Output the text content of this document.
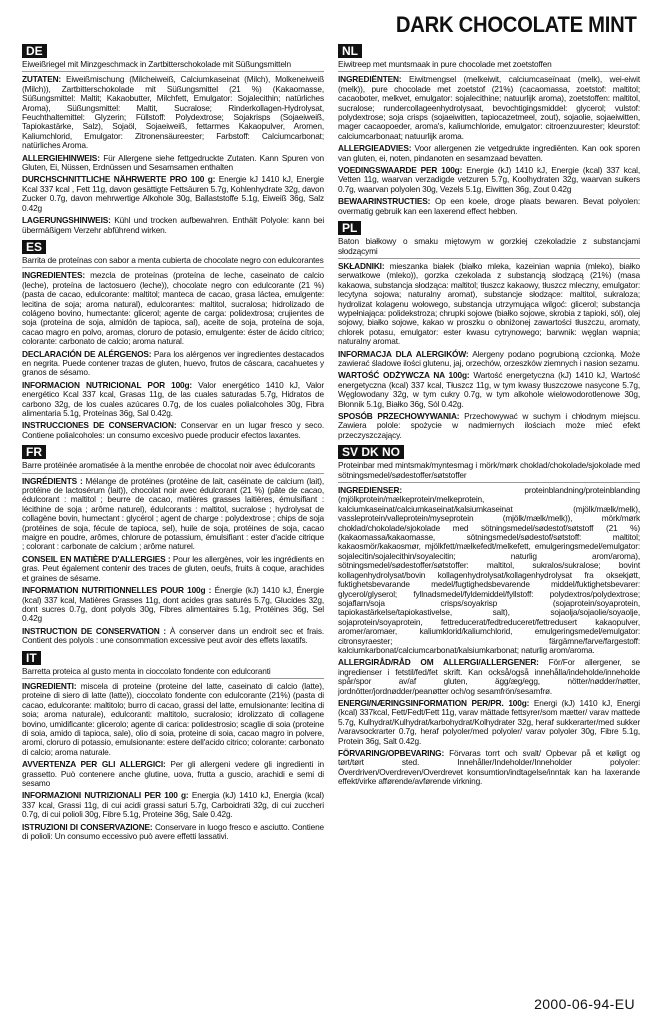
DARK CHOCOLATE MINT
DE

Eiweißriegel mit Minzgeschmack in Zartbitterschokolade mit Süßungsmitteln

ZUTATEN: Eiweißmischung (Milcheiweiß, Calciumkaseinat (Milch), Molkeneiweiß (Milch)), Zartbitterschokolade mit Süßungsmittel (21 %) (Kakaomasse, Süßungsmittel: Maltit; Kakaobutter, Milchfett, Emulgator: Sojalecithin; natürliches Aroma), Süßungsmittel: Maltit, Sucralose; Rinderkollagen-Hydrolysat, Feuchthaltemittel: Glyzerin; Füllstoff: Polydextrose; Sojakrisps (Sojaeiweiß, Tapiokastärke, Salz), Sojaöl, Sojaeiweiß, fettarmes Kakaopulver, Aromen, Kaliumchlorid, Emulgator: Zitronensäureester; Farbstoff: Calciumcarbonat; natürliches Aroma.

ALLERGIEHINWEIS: Für Allergene siehe fettgedruckte Zutaten. Kann Spuren von Gluten, Ei, Nüssen, Erdnüssen und Sesamsamen enthalten

DURCHSCHNITTLICHE NÄHRWERTE PRO 100 g: Energie kJ 1410 kJ, Energie Kcal 337 kcal , Fett 11g, davon gesättigte Fettsäuren 5.7g, Kohlenhydrate 32g, davon Zucker 0.7g, davon mehrwertige Alkohole 30g, Ballaststoffe 5.1g, Eiweiß 36g, Salz 0.42g

LAGERUNGSHINWEIS: Kühl und trocken aufbewahren. Enthält Polyole: kann bei übermäßigem Verzehr abführend wirken.

ES

Barrita de proteínas con sabor a menta cubierta de chocolate negro con edulcorantes

INGREDIENTES: mezcla de proteínas (proteína de leche, caseinato de calcio (leche), proteína de lactosuero (leche)), chocolate negro con edulcorante (21 %) (pasta de cacao, edulcorante: maltitol; manteca de cacao, grasa láctea, emulgente: lecitina de soja; aroma natural), edulcorantes: maltitol, sucralosa; hidrolizado de colágeno bovino, humectante: glicerol; agente de carga: polidextrosa; crujientes de soja (proteína de soja, almidón de tapioca, sal), aceite de soja, proteína de soja, cacao magro en polvo, aromas, cloruro de potasio, emulgente: éster de ácido cítrico; colorante: carbonato de calcio; aroma natural.

DECLARACIÓN DE ALÉRGENOS: Para los alérgenos ver ingredientes destacados en negrita. Puede contener trazas de gluten, huevo, frutos de cáscara, cacahuetes y granos de sésamo.

INFORMACION NUTRICIONAL POR 100g: Valor energético 1410 kJ, Valor energético Kcal 337 kcal, Grasas 11g, de las cuales saturadas 5.7g, Hidratos de carbono 32g, de los cuales azúcares 0.7g, de los cuales polialcoholes 30g, Fibra alimentaria 5.1g, Proteínas 36g, Sal 0.42g.

INSTRUCCIONES DE CONSERVACION: Conservar en un lugar fresco y seco. Contiene polialcoholes: un consumo excesivo puede producir efectos laxantes.

FR

Barre protéinée aromatisée à la menthe enrobée de chocolat noir avec édulcorants

INGRÉDIENTS : Mélange de protéines (protéine de lait, caséinate de calcium (lait), protéine de lactosérum (lait)), chocolat noir avec édulcorant (21 %) (pâte de cacao, édulcorant : maltitol ; beurre de cacao, matières grasses laitières, émulsifiant : lécithine de soja ; arôme naturel), édulcorants : maltitol, sucralose ; hydrolysat de collagène bovin, humectant : glycérol ; agent de charge : polydextrose ; chips de soja (protéines de soja, fécule de tapioca, sel), huile de soja, protéines de soja, cacao maigre en poudre, arômes, chlorure de potassium, émulsifiant : ester d'acide citrique ; colorant : carbonate de calcium ; arôme naturel.

CONSEIL EN MATIÈRE D'ALLERGIES : Pour les allergènes, voir les ingrédients en gras. Peut également contenir des traces de gluten, oeufs, fruits à coque, arachides et graines de sésame.

INFORMATION NUTRITIONNELLES POUR 100g : Énergie (kJ) 1410 kJ, Énergie (kcal) 337 kcal, Matières Grasses 11g, dont acides gras saturés 5.7g, Glucides 32g, dont sucres 0.7g, dont polyols 30g, Fibres alimentaires 5.1g, Protéines 36g, Sel 0.42g

INSTRUCTION DE CONSERVATION : À conserver dans un endroit sec et frais. Contient des polyols : une consommation excessive peut avoir des effets laxatifs.

IT

Barretta proteica al gusto menta in cioccolato fondente con edulcoranti

INGREDIENTI: miscela di proteine (proteine del latte, caseinato di calcio (latte), proteine di siero di latte (latte)), cioccolato fondente con edulcorante (21%) (pasta di cacao, edulcorante: maltitolo; burro di cacao, grassi del latte, emulsionante: lecitina di soia; aroma naturale), edulcoranti: maltitolo, sucralosio; idrolizzato di collagene bovino, umidificante: glicerolo; agente di carica: polidestrosio; scaglie di soia (proteine di soia, amido di tapioca, sale), olio di soia, proteine di soia, cacao magro in polvere, aromi, cloruro di potassio, emulsionante: estere dell'acido citrico; colorante: carbonato di calcio; aroma naturale.

AVVERTENZA PER GLI ALLERGICI: Per gli allergeni vedere gli ingredienti in grassetto. Può contenere anche glutine, uova, frutta a guscio, arachidi e semi di sesamo

INFORMAZIONI NUTRIZIONALI PER 100 g: Energia (kJ) 1410 kJ, Energia (kcal) 337 kcal, Grassi 11g, di cui acidi grassi saturi 5.7g, Carboidrati 32g, di cui zuccheri 0.7g, di cui polioli 30g, Fibre 5.1g, Proteine 36g, Sale 0.42g.

ISTRUZIONI DI CONSERVAZIONE: Conservare in luogo fresco e asciutto. Contiene di polioli: Un consumo eccessivo può avere effetti lassativi.

NL

Eiwitreep met muntsmaak in pure chocolade met zoetstoffen

INGREDIËNTEN: Eiwitmengsel (melkeiwit, calciumcaseïnaat (melk), wei-eiwit (melk)), pure chocolade met zoetstof (21%) (cacaomassa, zoetstof: maltitol; cacaoboter, melkvet, emulgator: sojalecithine; natuurlijk aroma), zoetstoffen: maltitol, sucralose; rundercollageenhydrolysaat, bevochtigingsmiddel: glycerol; vulstof: polydextrose; soja crisps (sojaeiwitten, tapiocazetmeel, zout), sojaolie, sojaeiwitten, mager cacaopoeder, aroma's, kaliumchloride, emulgator: citroenzuurester; kleurstof: calciumcarbonaat; natuurlijk aroma.

ALLERGIEADVIES: Voor allergenen zie vetgedrukte ingrediënten. Kan ook sporen van gluten, ei, noten, pindanoten en sesamzaad bevatten.

VOEDINGSWAARDE PER 100g: Energie (kJ) 1410 kJ, Energie (kcal) 337 kcal, Vetten 11g, waarvan verzadigde vetzuren 5.7g, Koolhydraten 32g, waarvan suikers 0.7g, waarvan polyolen 30g, Vezels 5.1g, Eiwitten 36g, Zout 0.42g

BEWAARINSTRUCTIES: Op een koele, droge plaats bewaren. Bevat polyolen: overmatig gebruik kan een laxerend effect hebben.

PL

Baton białkowy o smaku miętowym w gorzkiej czekoladzie z substancjami słodzącymi

SKŁADNIKI: mieszanka białek (białko mleka, kazeinian wapnia (mleko), białko serwatkowe (mleko)), gorzka czekolada z substancją słodzącą (21%) (masa kakaowa, substancja słodząca: maltitol; tłuszcz kakaowy, tłuszcz mleczny, emulgator: lecytyna sojowa; naturalny aromat), substancje słodzące: maltitol, sukraloza; hydrolizat kolagenu wołowego, substancja utrzymująca wilgoć: glicerol; substancja wypełniająca: polidekstroza; chrupki sojowe (białko sojowe, skrobia z tapioki, sól), olej sojowy, białko sojowe, kakao w proszku o obniżonej zawartości tłuszczu, aromaty, chlorek potasu, emulgator: ester kwasu cytrynowego; barwnik: węglan wapnia; naturalny aromat.

INFORMACJA DLA ALERGIKÓW: Alergeny podano pogrubioną czcionką. Może zawierać śladowe ilości glutenu, jaj, orzechów, orzeszków ziemnych i nasion sezamu.

WARTOŚĆ ODŻYWCZA NA 100g: Wartość energetyczna (kJ) 1410 kJ, Wartość energetyczna (kcal) 337 kcal, Tłuszcz 11g, w tym kwasy tłuszczowe nasycone 5.7g, Węglowodany 32g, w tym cukry 0.7g, w tym alkohole wielowodorotlenowe 30g, Błonnik 5.1g, Białko 36g, Sól 0.42g.

SPOSÓB PRZECHOWYWANIA: Przechowywać w suchym i chłodnym miejscu. Zawiera polole: spożycie w nadmiernych ilościach może mieć efekt przeczyszczający.

SV DK NO

Proteinbar med mintsmak/myntesmag i mörk/mørk choklad/chokolade/sjokolade med sötningsmedel/sødestoffer/søtstoffer

INGREDIENSER:	proteinblandning/proteinblanding (mjölkprotein/mælkeprotein/melkeprotein, kalciumkaseinat/calciumkaseinat/kalsiumkaseinat (mjölk/mælk/melk), vassleprotein/valleprotein/myseprotein (mjölk/mælk/melk)), mörk/mørk choklad/chokolade/sjokolade med sötningsmedel/sødestof/søtstoff (21 %) (kakaomassa/kakaomasse, sötningsmedel/sødestof/søtstoff: maltitol; kakaosmör/kakaosmør, mjölkfett/mælkefedt/melkefett, emulgeringsmedel/emulgator: sojalecitin/sojalecithin/soyalecitin; naturlig arom/aroma), sötningsmedel/sødestoffer/søtstoffer: maltitol, sukralos/sukralose; bovint kollagenhydrolysat/bovin kollagenhydrolysat/kollagenhydrolysat fra oksekjøtt, fuktighetsbevarande medel/fugtighedsbevarende middel/fuktighetsbevarer: glycerol/glyserol; fyllnadsmedel/fyldemiddel/fyllstoff: polydextros/polydextrose; sojaflarn/soja crisps/soyakrisp (sojaprotein/soyaprotein, tapiokastärkelse/tapiokastivelse, salt), sojaolja/sojaolie/soyaolje, sojaprotein/soyaprotein, fettreducerat/fedtreduceret/fettredusert kakaopulver, aromer/aromaer, kaliumklorid/kaliumchlorid, emulgeringsmedel/emulgator: citronsyraester; färgämne/farve/fargestoff: kalciumkarbonat/calciumcarbonat/kalsiumkarbonat; naturlig arom/aroma.

ALLERGIRÅD/RÅD OM ALLERGI/ALLERGENER: För/For allergener, se ingredienser i fetstil/fed/fet skrift. Kan också/også innehålla/indeholde/inneholde spår/spor av/af gluten, ägg/æg/egg, nötter/nødder/nøtter, jordnötter/jordnødder/peanøtter och/og sesamfrön/sesamfrø.

ENERGI/NÆRINGSINFORMATION PER/PR. 100g: Energi (kJ) 1410 kJ, Energi (kcal) 337kcal, Fett/Fedt/Fett 11g, varav mättade fettsyrer/som mætter/ varav mattede 5.7g, Kulhydrat/Kulhydrat/karbohydrat/Kolhydrater 32g, heraf sukkerarter/med sukker /varavsockrarter 0.7g, heraf polyoler/med polyoler/ varav polyoler 30g, Fibre 5.1g, Protein 36g, Salt 0.42g.

FÖRVARING/OPBEVARING: Förvaras torrt och svalt/ Opbevar på et køligt og tørt/tørt sted. Innehåller/Indeholder/Inneholder polyoler: Överdriven/Overdreven/Overdrevet konsumtion/indtagelse/inntak kan ha laxerande effekt/virke afførende/avførende virkning.

2000-06-94-EU
